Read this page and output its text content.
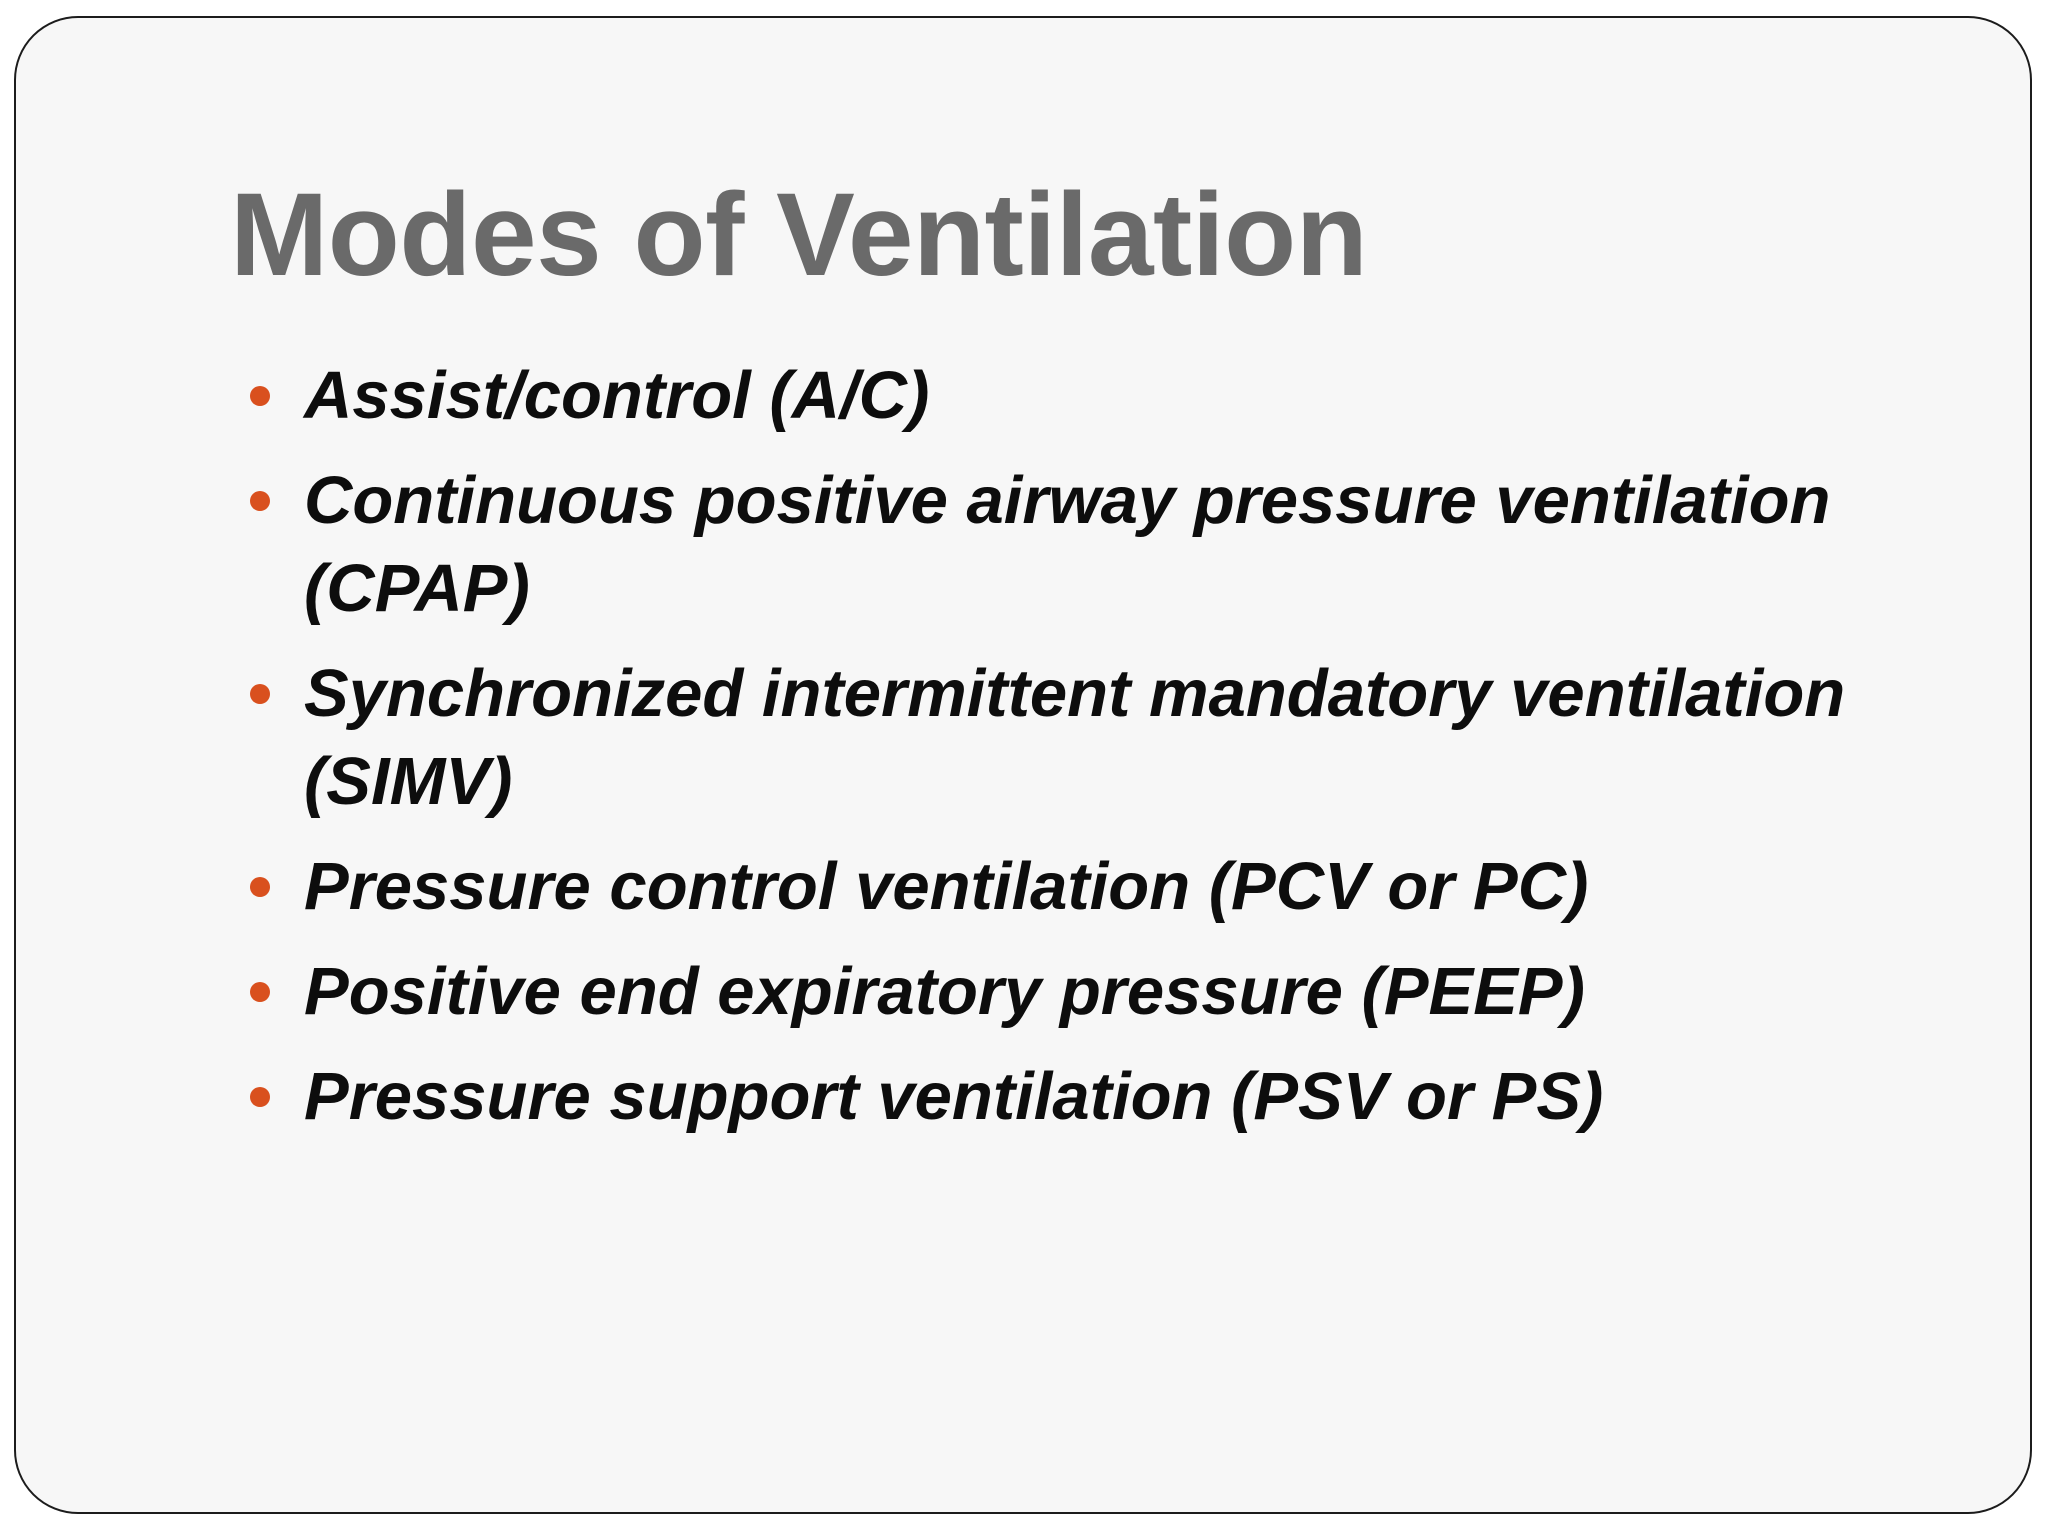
Modes of Ventilation
Assist/control (A/C)
Continuous positive airway pressure ventilation (CPAP)
Synchronized intermittent mandatory ventilation (SIMV)
Pressure control ventilation (PCV or PC)
Positive end expiratory pressure (PEEP)
Pressure support ventilation (PSV or PS)
